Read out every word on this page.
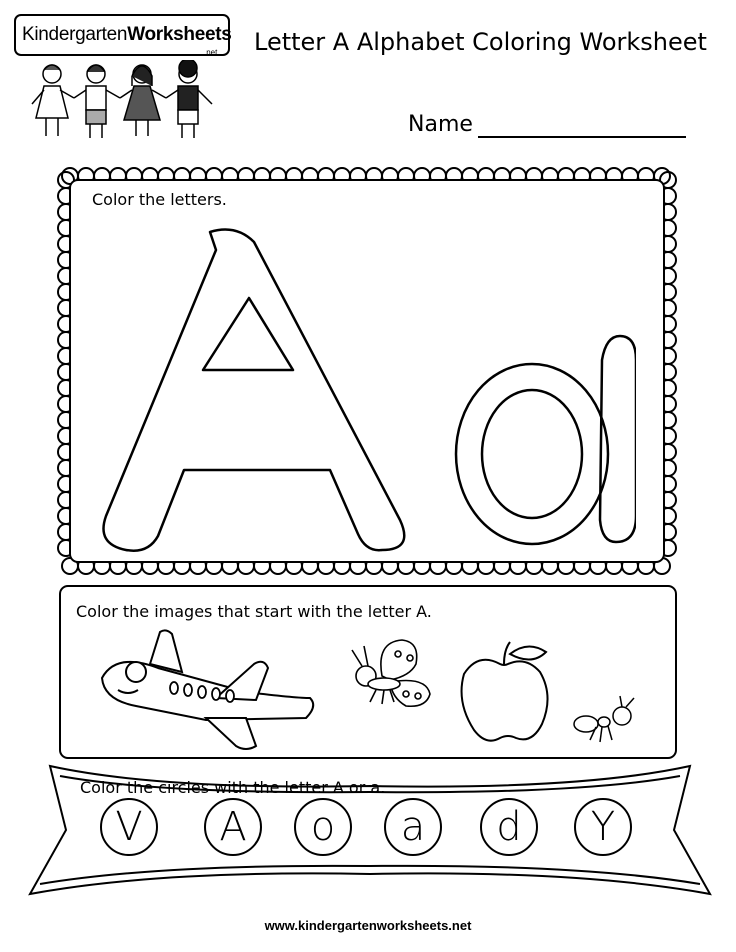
KindergartenWorksheets
.net Letter A Alphabet Coloring Worksheet
Name
Color the letters.
Color the images that start with the letter A.
Color the circles with the letter A or a.
V	A	o	a	d	Y
www.kindergartenworksheets.net
